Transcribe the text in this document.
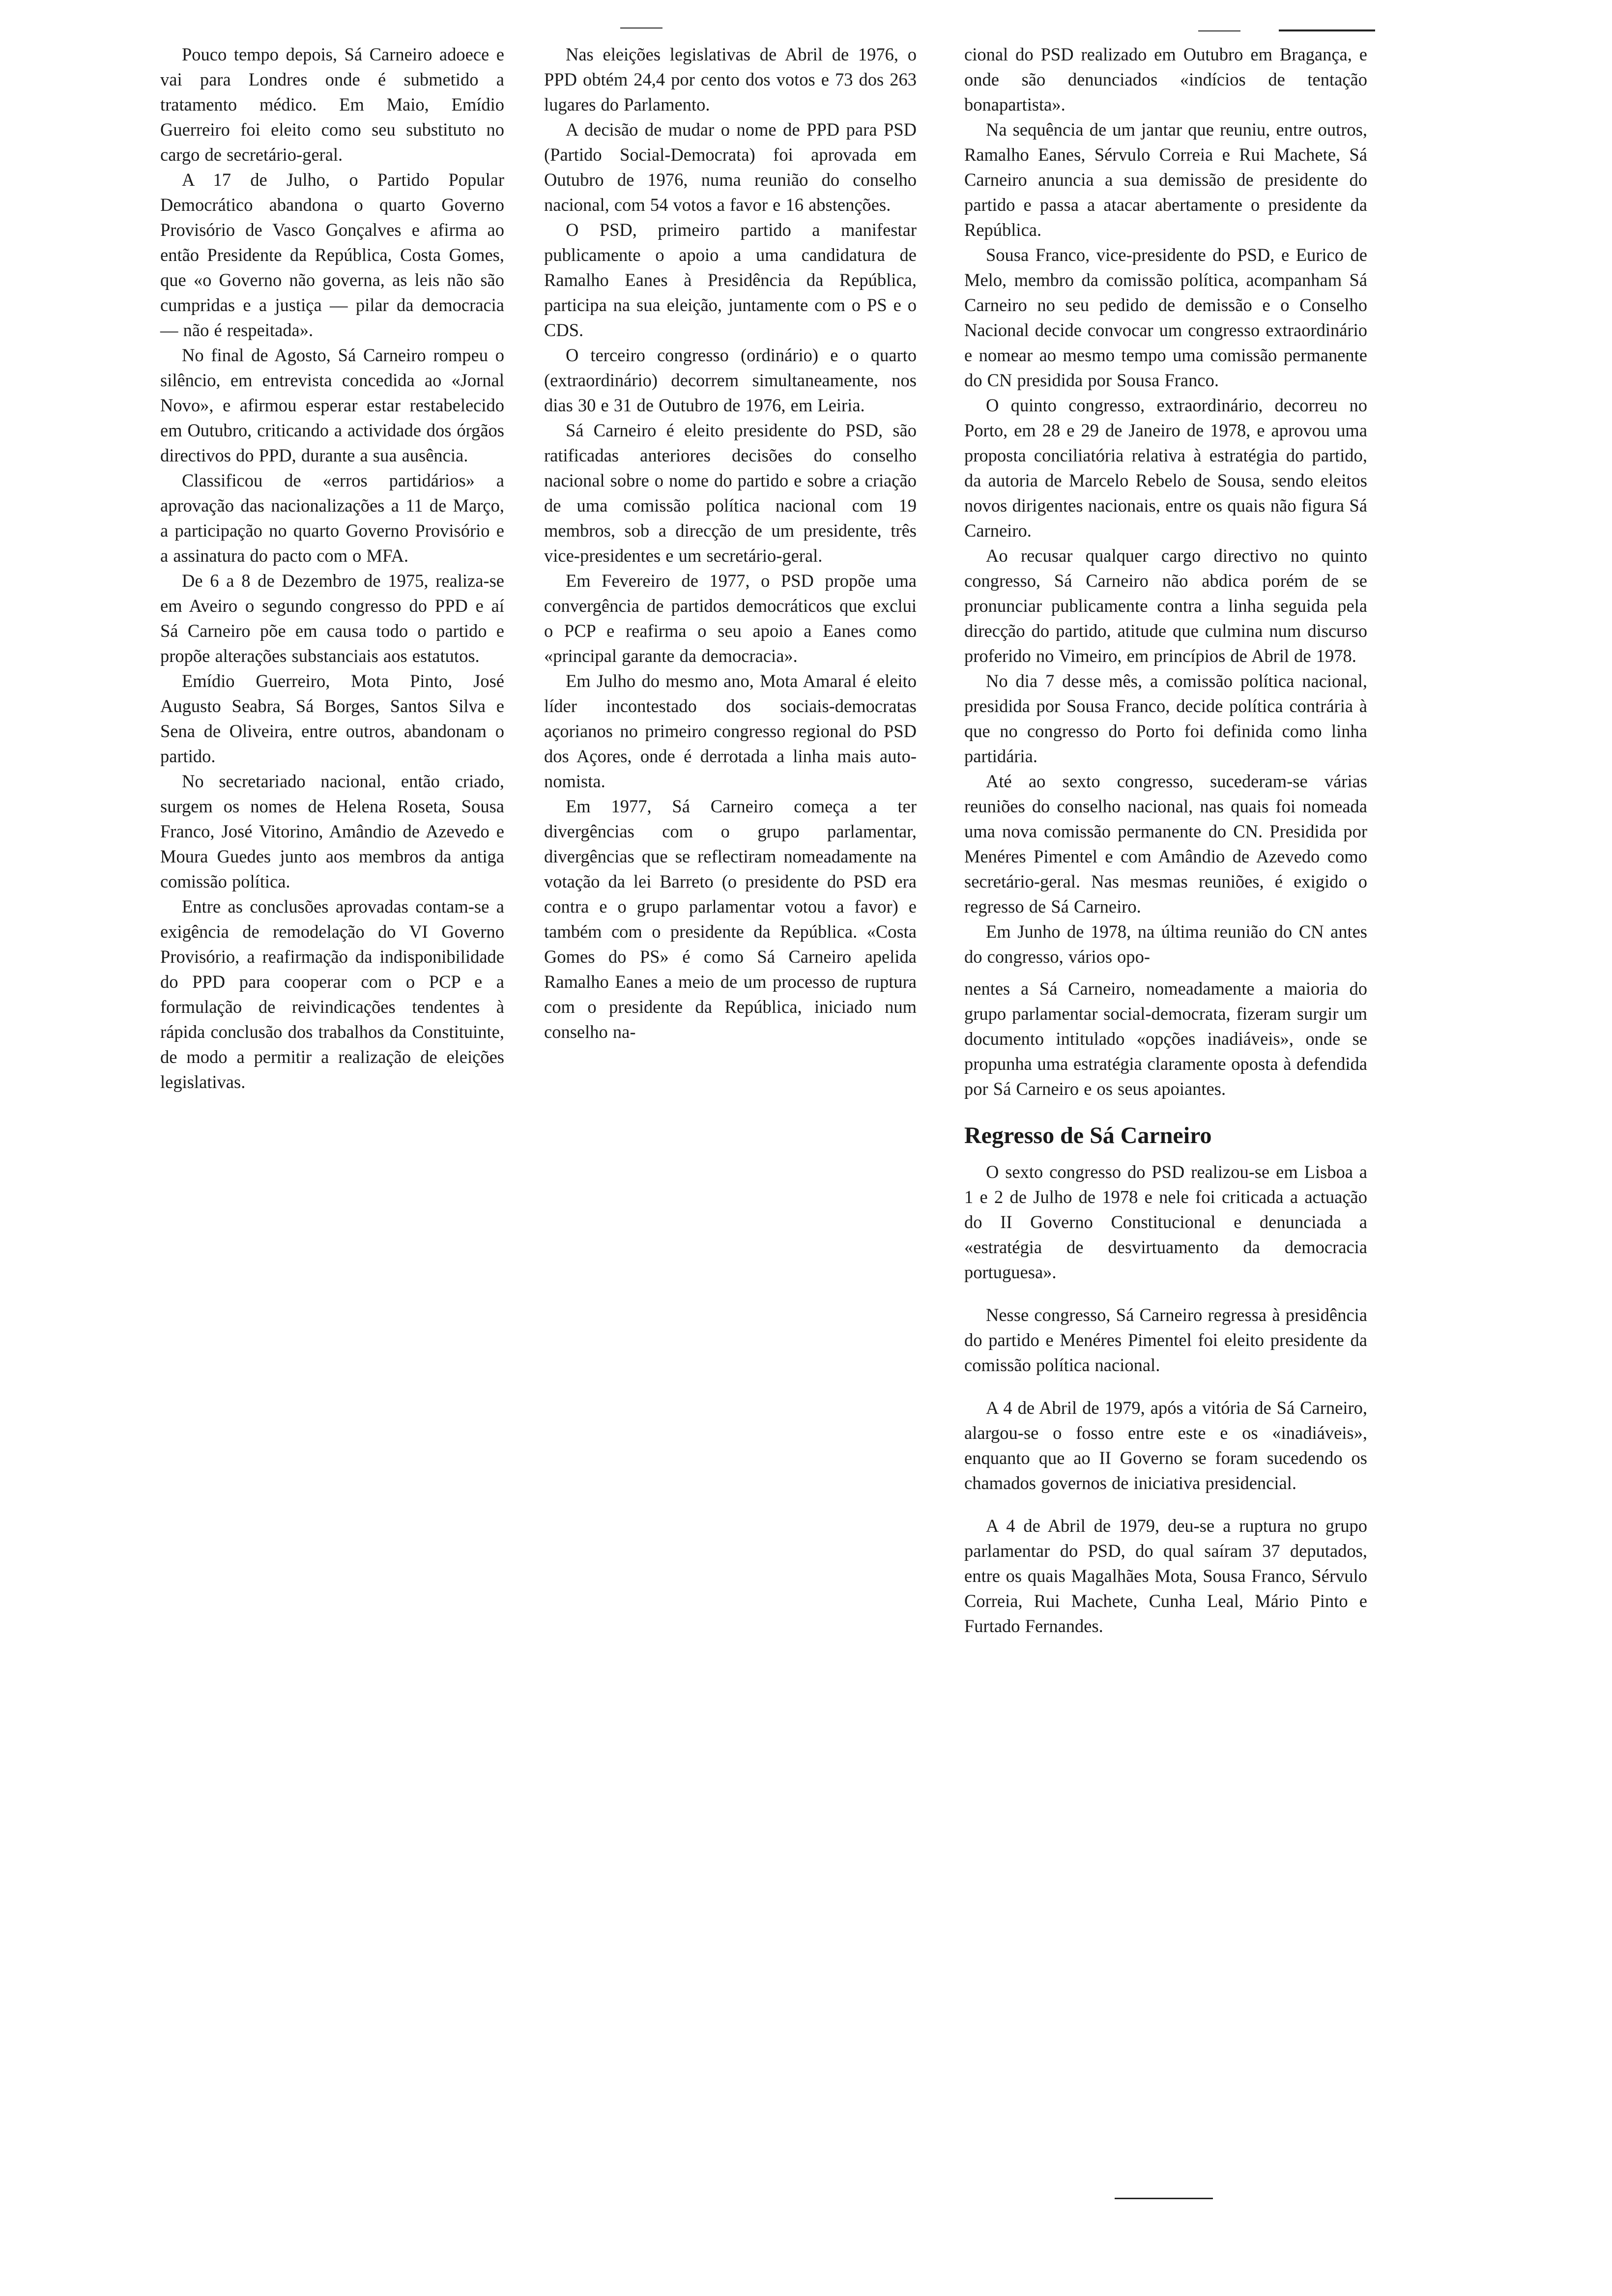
Pouco tempo depois, Sá Carneiro adoece e vai para Londres onde é submetido a tratamento médico. Em Maio, Emídio Guerreiro foi eleito como seu substituto no cargo de secretário-geral.

A 17 de Julho, o Partido Popular Democrático abandona o quarto Governo Provisório de Vasco Gonçalves e afirma ao então Presidente da República, Costa Gomes, que «o Governo não governa, as leis não são cumpridas e a justiça — pilar da democracia — não é respeitada».

No final de Agosto, Sá Carneiro rompeu o silêncio, em entrevista concedida ao «Jornal Novo», e afirmou esperar estar restabelecido em Outubro, criticando a actividade dos órgãos directivos do PPD, durante a sua ausência.

Classificou de «erros partidários» a aprovação das nacionalizações a 11 de Março, a participação no quarto Governo Provisório e a assinatura do pacto com o MFA.

De 6 a 8 de Dezembro de 1975, realiza-se em Aveiro o segundo congresso do PPD e aí Sá Carneiro põe em causa todo o partido e propõe alterações substanciais aos estatutos.

Emídio Guerreiro, Mota Pinto, José Augusto Seabra, Sá Borges, Santos Silva e Sena de Oliveira, entre outros, abandonam o partido.

No secretariado nacional, então criado, surgem os nomes de Helena Roseta, Sousa Franco, José Vitorino, Amândio de Azevedo e Moura Guedes junto aos membros da antiga comissão política.

Entre as conclusões aprovadas contam-se a exigência de remodelação do VI Governo Provisório, a reafirmação da indisponibilidade do PPD para cooperar com o PCP e a formulação de reivindicações tendentes à rápida conclusão dos trabalhos da Constituinte, de modo a permitir a realização de eleições legislativas.

Nas eleições legislativas de Abril de 1976, o PPD obtém 24,4 por cento dos votos e 73 dos 263 lugares do Parlamento.

A decisão de mudar o nome de PPD para PSD (Partido Social-Democrata) foi aprovada em Outubro de 1976, numa reunião do conselho nacional, com 54 votos a favor e 16 abstenções.

O PSD, primeiro partido a manifestar publicamente o apoio a uma candidatura de Ramalho Eanes à Presidência da República, participa na sua eleição, juntamente com o PS e o CDS.

O terceiro congresso (ordinário) e o quarto (extraordinário) decorrem simultaneamente, nos dias 30 e 31 de Outubro de 1976, em Leiria.

Sá Carneiro é eleito presidente do PSD, são ratificadas anteriores decisões do conselho nacional sobre o nome do partido e sobre a criação de uma comissão política nacional com 19 membros, sob a direcção de um presidente, três vice-presidentes e um secretário-geral.

Em Fevereiro de 1977, o PSD propõe uma convergência de partidos democráticos que exclui o PCP e reafirma o seu apoio a Eanes como «principal garante da democracia».

Em Julho do mesmo ano, Mota Amaral é eleito líder incontestado dos sociais-democratas açorianos no primeiro congresso regional do PSD dos Açores, onde é derrotada a linha mais autonomista.

Em 1977, Sá Carneiro começa a ter divergências com o grupo parlamentar, divergências que se reflectiram nomeadamente na votação da lei Barreto (o presidente do PSD era contra e o grupo parlamentar votou a favor) e também com o presidente da República. «Costa Gomes do PS» é como Sá Carneiro apelida Ramalho Eanes a meio de um processo de ruptura com o presidente da República, iniciado num conselho na-

cional do PSD realizado em Outubro em Bragança, e onde são denunciados «indícios de tentação bonapartista».

Na sequência de um jantar que reuniu, entre outros, Ramalho Eanes, Sérvulo Correia e Rui Machete, Sá Carneiro anuncia a sua demissão de presidente do partido e passa a atacar abertamente o presidente da República.

Sousa Franco, vice-presidente do PSD, e Eurico de Melo, membro da comissão política, acompanham Sá Carneiro no seu pedido de demissão e o Conselho Nacional decide convocar um congresso extraordinário e nomear ao mesmo tempo uma comissão permanente do CN presidida por Sousa Franco.

O quinto congresso, extraordinário, decorreu no Porto, em 28 e 29 de Janeiro de 1978, e aprovou uma proposta conciliatória relativa à estratégia do partido, da autoria de Marcelo Rebelo de Sousa, sendo eleitos novos dirigentes nacionais, entre os quais não figura Sá Carneiro.

Ao recusar qualquer cargo directivo no quinto congresso, Sá Carneiro não abdica porém de se pronunciar publicamente contra a linha seguida pela direcção do partido, atitude que culmina num discurso proferido no Vimeiro, em princípios de Abril de 1978.

No dia 7 desse mês, a comissão política nacional, presidida por Sousa Franco, decide política contrária à que no congresso do Porto foi definida como linha partidária.

Até ao sexto congresso, sucederam-se várias reuniões do conselho nacional, nas quais foi nomeada uma nova comissão permanente do CN. Presidida por Menéres Pimentel e com Amândio de Azevedo como secretário-geral. Nas mesmas reuniões, é exigido o regresso de Sá Carneiro.

Em Junho de 1978, na última reunião do CN antes do congresso, vários opo-

nentes a Sá Carneiro, nomeadamente a maioria do grupo parlamentar social-democrata, fizeram surgir um documento intitulado «opções inadiáveis», onde se propunha uma estratégia claramente oposta à defendida por Sá Carneiro e os seus apoiantes.

Regresso de Sá Carneiro

O sexto congresso do PSD realizou-se em Lisboa a 1 e 2 de Julho de 1978 e nele foi criticada a actuação do II Governo Constitucional e denunciada a «estratégia de desvirtuamento da democracia portuguesa».

Nesse congresso, Sá Carneiro regressa à presidência do partido e Menéres Pimentel foi eleito presidente da comissão política nacional.

A 4 de Abril de 1979, após a vitória de Sá Carneiro, alargou-se o fosso entre este e os «inadiáveis», enquanto que ao II Governo se foram sucedendo os chamados governos de iniciativa presidencial.

A 4 de Abril de 1979, deu-se a ruptura no grupo parlamentar do PSD, do qual saíram 37 deputados, entre os quais Magalhães Mota, Sousa Franco, Sérvulo Correia, Rui Machete, Cunha Leal, Mário Pinto e Furtado Fernandes.
